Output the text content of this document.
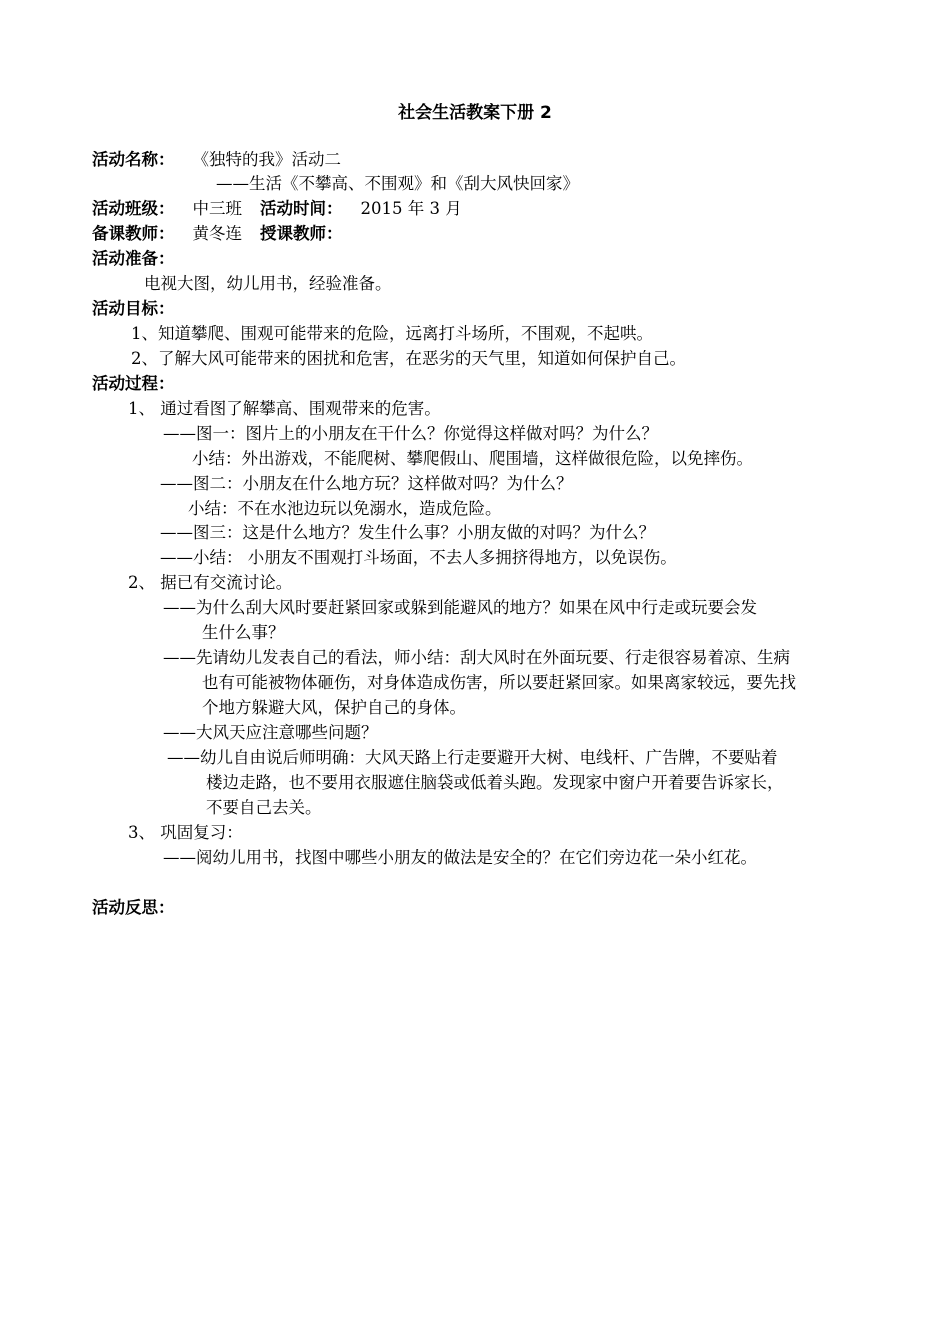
社会生活教案下册 2
活动名称： 《独特的我》活动二
——生活《不攀高、不围观》和《刮大风快回家》
活动班级： 中三班 活动时间： 2015 年 3 月
备课教师： 黄冬连 授课教师：
活动准备：
电视大图，幼儿用书，经验准备。
活动目标：
1、知道攀爬、围观可能带来的危险，远离打斗场所，不围观，不起哄。
2、了解大风可能带来的困扰和危害，在恶劣的天气里，知道如何保护自己。
活动过程：
1、 通过看图了解攀高、围观带来的危害。
——图一：图片上的小朋友在干什么？你觉得这样做对吗？为什么？
小结：外出游戏，不能爬树、攀爬假山、爬围墙，这样做很危险，以免摔伤。
——图二：小朋友在什么地方玩？这样做对吗？为什么？
小结：不在水池边玩以免溺水，造成危险。
——图三：这是什么地方？发生什么事？小朋友做的对吗？为什么？
——小结： 小朋友不围观打斗场面，不去人多拥挤得地方，以免误伤。
2、 据已有交流讨论。
——为什么刮大风时要赶紧回家或躲到能避风的地方？如果在风中行走或玩要会发
生什么事？
——先请幼儿发表自己的看法，师小结：刮大风时在外面玩要、行走很容易着凉、生病
也有可能被物体砸伤，对身体造成伤害，所以要赶紧回家。如果离家较远，要先找
个地方躲避大风，保护自己的身体。
——大风天应注意哪些问题？
——幼儿自由说后师明确：大风天路上行走要避开大树、电线杆、广告牌，不要贴着
楼边走路，也不要用衣服遮住脑袋或低着头跑。发现家中窗户开着要告诉家长，
不要自己去关。
3、 巩固复习：
——阅幼儿用书，找图中哪些小朋友的做法是安全的？在它们旁边花一朵小红花。
活动反思：
